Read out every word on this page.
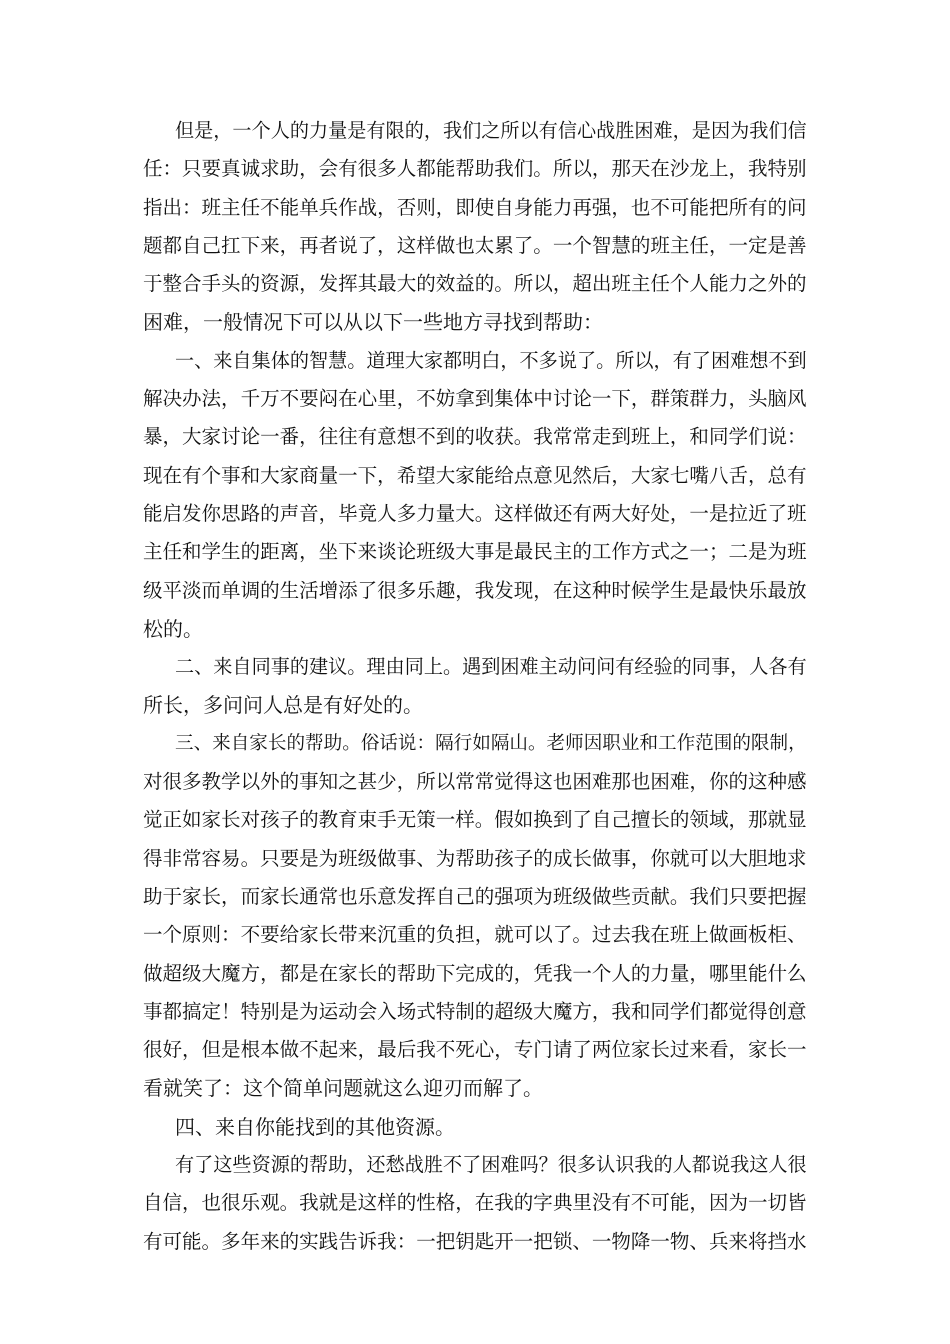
但是，一个人的力量是有限的，我们之所以有信心战胜困难，是因为我们信
任：只要真诚求助，会有很多人都能帮助我们。所以，那天在沙龙上，我特别
指出：班主任不能单兵作战，否则，即使自身能力再强，也不可能把所有的问
题都自己扛下来，再者说了，这样做也太累了。一个智慧的班主任，一定是善
于整合手头的资源，发挥其最大的效益的。所以，超出班主任个人能力之外的
困难，一般情况下可以从以下一些地方寻找到帮助：
一、来自集体的智慧。道理大家都明白，不多说了。所以，有了困难想不到
解决办法，千万不要闷在心里，不妨拿到集体中讨论一下，群策群力，头脑风
暴，大家讨论一番，往往有意想不到的收获。我常常走到班上，和同学们说：
现在有个事和大家商量一下，希望大家能给点意见然后，大家七嘴八舌，总有
能启发你思路的声音，毕竟人多力量大。这样做还有两大好处，一是拉近了班
主任和学生的距离，坐下来谈论班级大事是最民主的工作方式之一；二是为班
级平淡而单调的生活增添了很多乐趣，我发现，在这种时候学生是最快乐最放
松的。
二、来自同事的建议。理由同上。遇到困难主动问问有经验的同事，人各有
所长，多问问人总是有好处的。
三、来自家长的帮助。俗话说：隔行如隔山。老师因职业和工作范围的限制，
对很多教学以外的事知之甚少，所以常常觉得这也困难那也困难，你的这种感
觉正如家长对孩子的教育束手无策一样。假如换到了自己擅长的领域，那就显
得非常容易。只要是为班级做事、为帮助孩子的成长做事，你就可以大胆地求
助于家长，而家长通常也乐意发挥自己的强项为班级做些贡献。我们只要把握
一个原则：不要给家长带来沉重的负担，就可以了。过去我在班上做画板柜、
做超级大魔方，都是在家长的帮助下完成的，凭我一个人的力量，哪里能什么
事都搞定！特别是为运动会入场式特制的超级大魔方，我和同学们都觉得创意
很好，但是根本做不起来，最后我不死心，专门请了两位家长过来看，家长一
看就笑了：这个简单问题就这么迎刃而解了。
四、来自你能找到的其他资源。
有了这些资源的帮助，还愁战胜不了困难吗？很多认识我的人都说我这人很
自信，也很乐观。我就是这样的性格，在我的字典里没有不可能，因为一切皆
有可能。多年来的实践告诉我：一把钥匙开一把锁、一物降一物、兵来将挡水
